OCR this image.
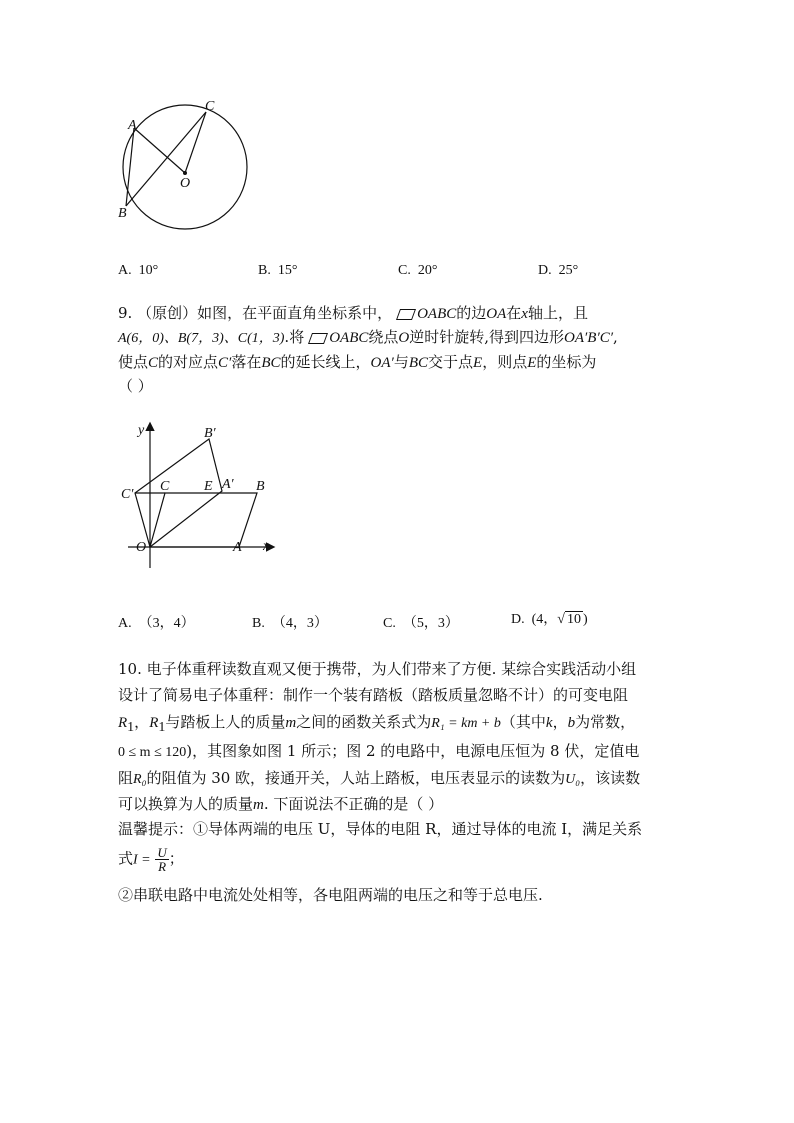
A
B
C
O
A. 10°	B. 15°	C. 20°	D. 25°
9. （原创）如图，在平面直角坐标系中， OABC的边OA在x轴上，且
A(6，0)、B(7，3)、C(1，3).将 OABC绕点O逆时针旋转,得到四边形OA′B′C′,
使点C的对应点C′落在BC的延长线上，OA′与BC交于点E，则点E的坐标为
（ ）
y
x
O	A
B
C E A′
B′
C′
A. （3，4）	B. （4，3）	C. （5，3）	D. (4，√ 10 )
10. 电子体重秤读数直观又便于携带，为人们带来了方便. 某综合实践活动小组
设计了简易电子体重秤：制作一个装有踏板（踏板质量忽略不计）的可变电阻
$R_1$，$R_1$与踏板上人的质量m之间的函数关系式为R₁ = km + b（其中k，b为常数，
0 ≤ m ≤ 120)，其图象如图 1 所示；图 2 的电路中，电源电压恒为 8 伏，定值电
阻R₀的阻值为 30 欧，接通开关，人站上踏板，电压表显示的读数为U₀，该读数
可以换算为人的质量m. 下面说法不正确的是（ ）
温馨提示：①导体两端的电压 U，导体的电阻 R，通过导体的电流 I，满足关系
式$I = \frac{U}{R}$ ；
②串联电路中电流处处相等，各电阻两端的电压之和等于总电压.
